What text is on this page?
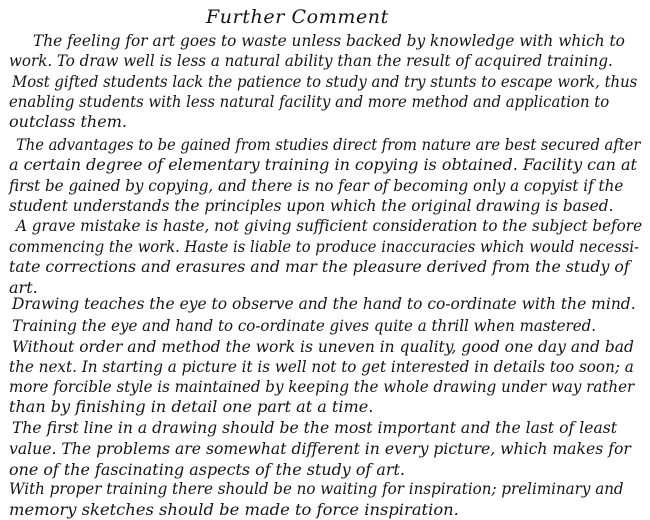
Further Comment
The feeling for art goes to waste unless backed by knowledge with which to
work. To draw well is less a natural ability than the result of acquired training.
Most gifted students lack the patience to study and try stunts to escape work, thus
enabling students with less natural facility and more method and application to
outclass them.
The advantages to be gained from studies direct from nature are best secured after
a certain degree of elementary training in copying is obtained. Facility can at
first be gained by copying, and there is no fear of becoming only a copyist if the
student understands the principles upon which the original drawing is based.
A grave mistake is haste, not giving sufficient consideration to the subject before
commencing the work. Haste is liable to produce inaccuracies which would necessi-
tate corrections and erasures and mar the pleasure derived from the study of
art.
Drawing teaches the eye to observe and the hand to co-ordinate with the mind.
Training the eye and hand to co-ordinate gives quite a thrill when mastered.
Without order and method the work is uneven in quality, good one day and bad
the next. In starting a picture it is well not to get interested in details too soon; a
more forcible style is maintained by keeping the whole drawing under way rather
than by finishing in detail one part at a time.
The first line in a drawing should be the most important and the last of least
value. The problems are somewhat different in every picture, which makes for
one of the fascinating aspects of the study of art.
With proper training there should be no waiting for inspiration; preliminary and
memory sketches should be made to force inspiration.
